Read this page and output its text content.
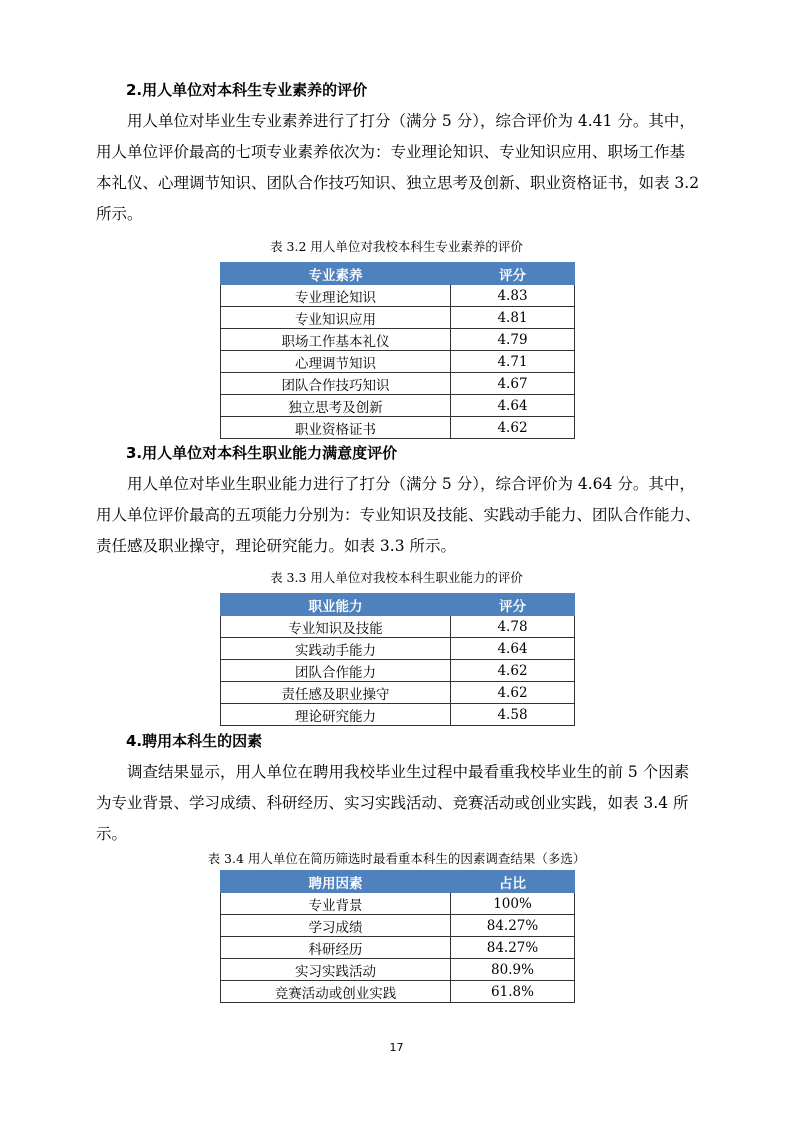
2.用人单位对本科生专业素养的评价
用人单位对毕业生专业素养进行了打分（满分 5 分），综合评价为 4.41 分。其中，
用人单位评价最高的七项专业素养依次为：专业理论知识、专业知识应用、职场工作基
本礼仪、心理调节知识、团队合作技巧知识、独立思考及创新、职业资格证书，如表 3.2
所示。
表 3.2 用人单位对我校本科生专业素养的评价
专业素养	评分
专业理论知识	4.83
专业知识应用	4.81
职场工作基本礼仪	4.79
心理调节知识	4.71
团队合作技巧知识	4.67
独立思考及创新	4.64
职业资格证书	4.62
3.用人单位对本科生职业能力满意度评价
用人单位对毕业生职业能力进行了打分（满分 5 分），综合评价为 4.64 分。其中，
用人单位评价最高的五项能力分别为：专业知识及技能、实践动手能力、团队合作能力、
责任感及职业操守，理论研究能力。如表 3.3 所示。
表 3.3 用人单位对我校本科生职业能力的评价
职业能力	评分
专业知识及技能	4.78
实践动手能力	4.64
团队合作能力	4.62
责任感及职业操守	4.62
理论研究能力	4.58
4.聘用本科生的因素
调查结果显示，用人单位在聘用我校毕业生过程中最看重我校毕业生的前 5 个因素
为专业背景、学习成绩、科研经历、实习实践活动、竞赛活动或创业实践，如表 3.4 所
示。
表 3.4 用人单位在简历筛选时最看重本科生的因素调查结果（多选）
聘用因素	占比
专业背景	100%
学习成绩	84.27%
科研经历	84.27%
实习实践活动	80.9%
竞赛活动或创业实践	61.8%
17
